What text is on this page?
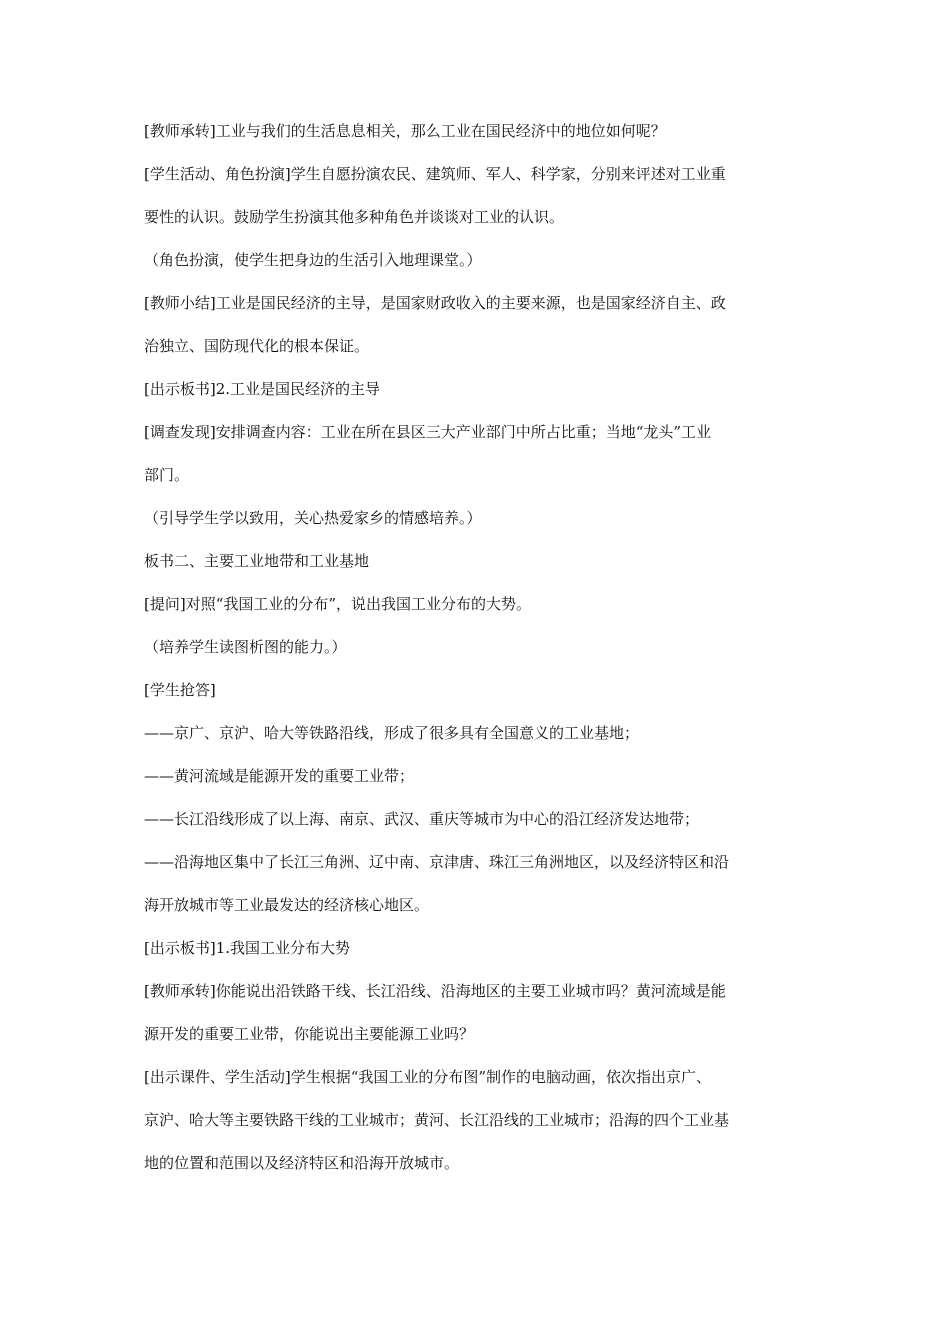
[教师承转]工业与我们的生活息息相关，那么工业在国民经济中的地位如何呢？

[学生活动、角色扮演]学生自愿扮演农民、建筑师、军人、科学家，分别来评述对工业重
要性的认识。鼓励学生扮演其他多种角色并谈谈对工业的认识。

（角色扮演，使学生把身边的生活引入地理课堂。）

[教师小结]工业是国民经济的主导，是国家财政收入的主要来源，也是国家经济自主、政
治独立、国防现代化的根本保证。

[出示板书]2.工业是国民经济的主导

[调查发现]安排调查内容：工业在所在县区三大产业部门中所占比重；当地“龙头”工业
部门。

（引导学生学以致用，关心热爱家乡的情感培养。）

板书二、主要工业地带和工业基地

[提问]对照“我国工业的分布”，说出我国工业分布的大势。

（培养学生读图析图的能力。）

[学生抢答]

——京广、京沪、哈大等铁路沿线，形成了很多具有全国意义的工业基地；

——黄河流域是能源开发的重要工业带；

——长江沿线形成了以上海、南京、武汉、重庆等城市为中心的沿江经济发达地带；

——沿海地区集中了长江三角洲、辽中南、京津唐、珠江三角洲地区，以及经济特区和沿
海开放城市等工业最发达的经济核心地区。

[出示板书]1.我国工业分布大势

[教师承转]你能说出沿铁路干线、长江沿线、沿海地区的主要工业城市吗？黄河流域是能
源开发的重要工业带，你能说出主要能源工业吗？

[出示课件、学生活动]学生根据“我国工业的分布图”制作的电脑动画，依次指出京广、
京沪、哈大等主要铁路干线的工业城市；黄河、长江沿线的工业城市；沿海的四个工业基
地的位置和范围以及经济特区和沿海开放城市。
